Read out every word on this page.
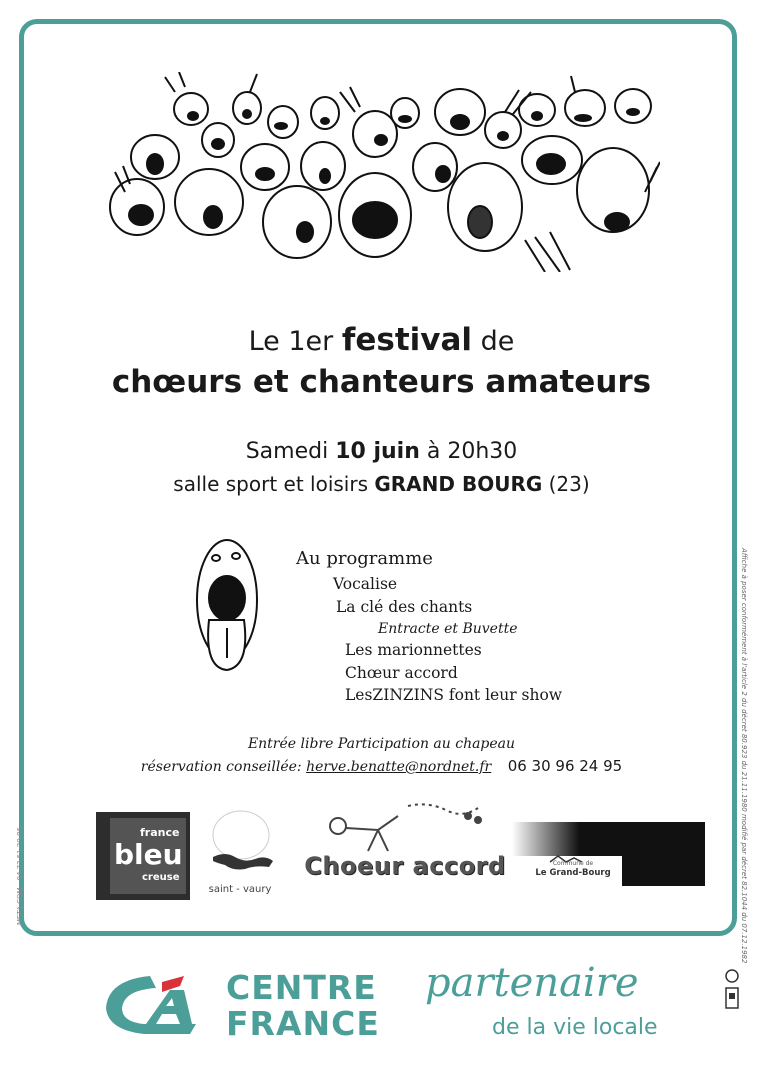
Le 1er festival de
chœurs et chanteurs amateurs
Samedi 10 juin à 20h30
salle sport et loisirs GRAND BOURG (23)
Au programme
Vocalise
La clé des chants
Entracte et Buvette
Les marionnettes
Chœur accord
LesZINZINS font leur show
Entrée libre Participation au chapeau
réservation conseillée: herve.benatte@nordnet.fr 06 30 96 24 95
france
bleu
creuse
saint - vaury
Choeur accord	Commune de
Le Grand-Bourg
CENTRE
FRANCE
partenaire
de la vie locale
Affiche à poser conformément à l'article 2 du décret 80.923 du 21.11.1980 modifié par décret 82.1044 du 07.12.1982
META.COM - 04 73 51 29 86
